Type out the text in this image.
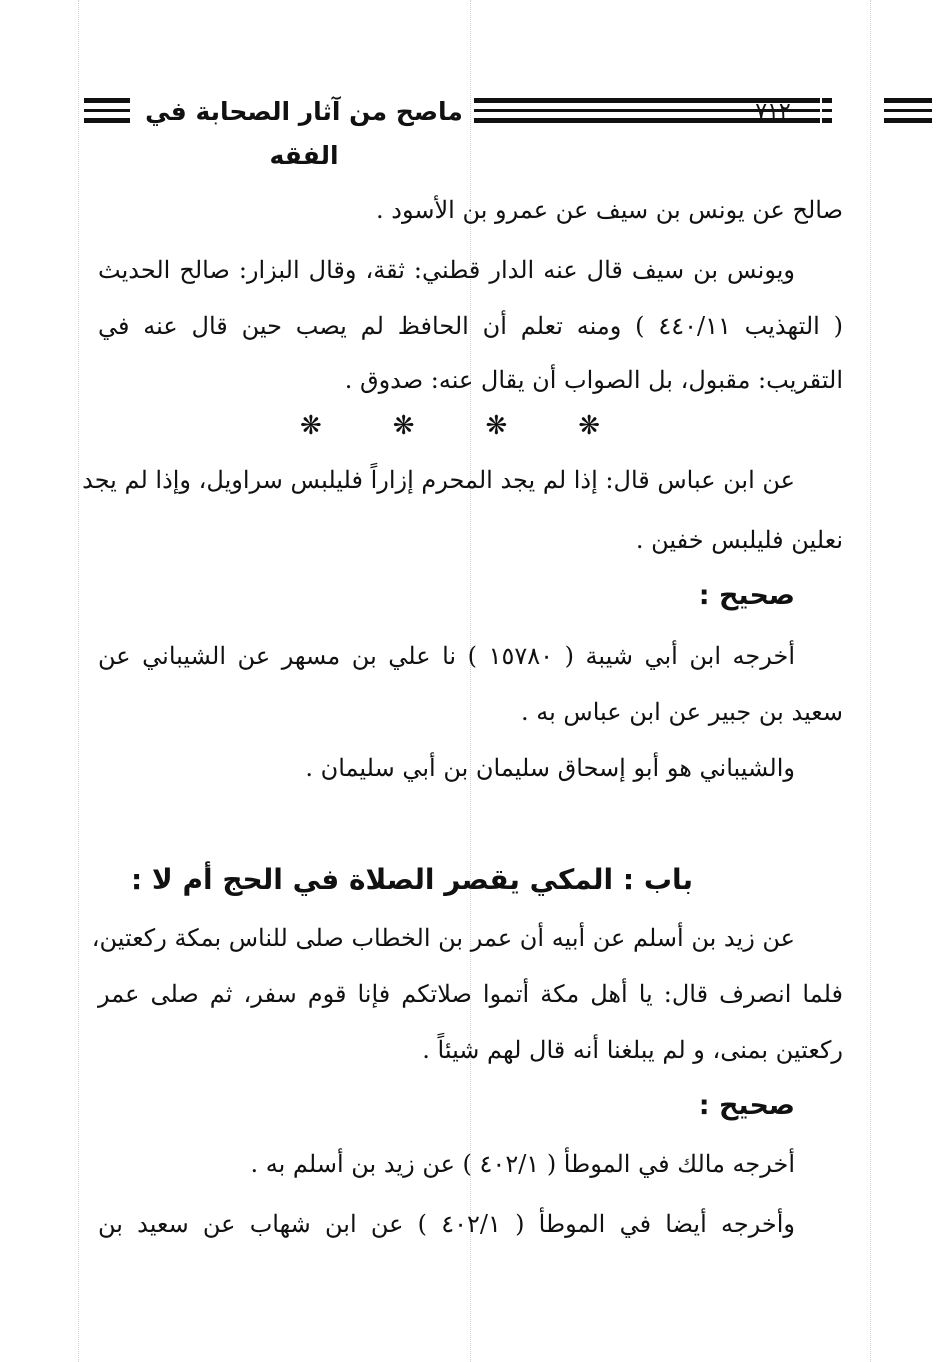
ماصح من آثار الصحابة في الفقه
٧١٢
صالح عن يونس بن سيف عن عمرو بن الأسود .
ويونس بن سيف قال عنه الدار قطني: ثقة، وقال البزار: صالح الحديث
( التهذيب ٤٤٠/١١ ) ومنه تعلم أن الحافظ لم يصب حين قال عنه في
التقريب: مقبول، بل الصواب أن يقال عنه: صدوق .
❋	❋	❋	❋
عن ابن عباس قال: إذا لم يجد المحرم إزاراً فليلبس سراويل، وإذا لم يجد
نعلين فليلبس خفين .
صحيح :
أخرجه ابن أبي شيبة ( ١٥٧٨٠ ) نا علي بن مسهر عن الشيباني عن
سعيد بن جبير عن ابن عباس به .
والشيباني هو أبو إسحاق سليمان بن أبي سليمان .
باب : المكي يقصر الصلاة في الحج أم لا :
عن زيد بن أسلم عن أبيه أن عمر بن الخطاب صلى للناس بمكة ركعتين،
فلما انصرف قال: يا أهل مكة أتموا صلاتكم فإنا قوم سفر، ثم صلى عمر
ركعتين بمنى، و لم يبلغنا أنه قال لهم شيئاً .
صحيح :
أخرجه مالك في الموطأ ( ٤٠٢/١ ) عن زيد بن أسلم به .
وأخرجه أيضا في الموطأ ( ٤٠٢/١ ) عن ابن شهاب عن سعيد بن
